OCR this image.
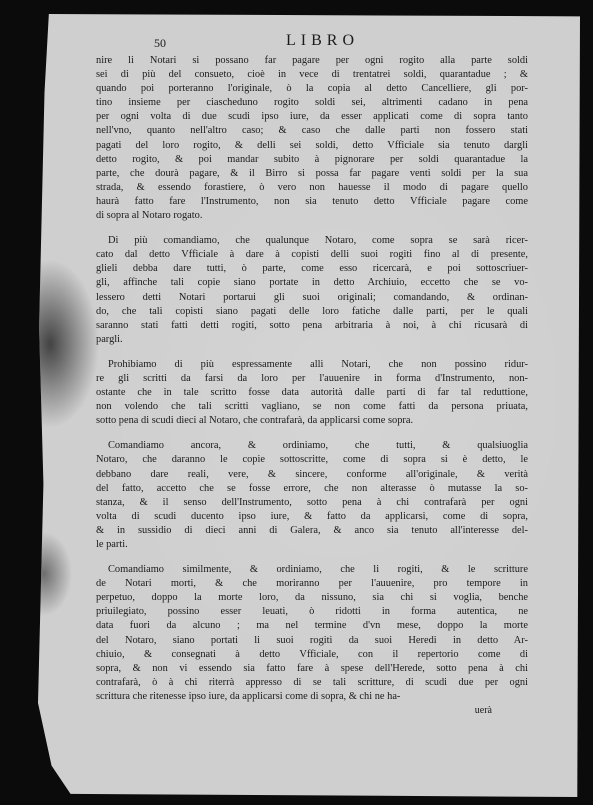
50	LIBRO
nire li Notari si possano far pagare per ogni rogito alla parte soldi
sei di più del consueto, cioè in vece di trentatrei soldi, quarantadue ; &
quando poi porteranno l'originale, ò la copia al detto Cancelliere, gli por-
tino insieme per ciascheduno rogito soldi sei, altrimenti cadano in pena
per ogni volta di due scudi ipso iure, da esser applicati come di sopra tanto
nell'vno, quanto nell'altro caso; & caso che dalle parti non fossero stati
pagati del loro rogito, & delli sei soldi, detto Vfficiale sia tenuto dargli
detto rogito, & poi mandar subito à pignorare per soldi quarantadue la
parte, che dourà pagare, & il Birro si possa far pagare venti soldi per la sua
strada, & essendo forastiere, ò vero non hauesse il modo di pagare quello
haurà fatto fare l'Instrumento, non sia tenuto detto Vfficiale pagare come
di sopra al Notaro rogato.
Di più comandiamo, che qualunque Notaro, come sopra se sarà ricer-
cato dal detto Vfficiale à dare à copisti delli suoi rogiti fino al di presente,
glieli debba dare tutti, ò parte, come esso ricercarà, e poi sottoscriuer-
gli, affinche tali copie siano portate in detto Archiuio, eccetto che se vo-
lessero detti Notari portarui gli suoi originali; comandando, & ordinan-
do, che tali copisti siano pagati delle loro fatiche dalle parti, per le quali
saranno stati fatti detti rogiti, sotto pena arbitraria à noi, à chi ricusarà di
pargli.
Prohibiamo di più espressamente alli Notari, che non possino ridur-
re gli scritti da farsi da loro per l'auuenire in forma d'Instrumento, non-
ostante che in tale scritto fosse data autorità dalle parti di far tal reduttione,
non volendo che tali scritti vagliano, se non come fatti da persona priuata,
sotto pena di scudi dieci al Notaro, che contrafarà, da applicarsi come sopra.
Comandiamo ancora, & ordiniamo, che tutti, & qualsiuoglia
Notaro, che daranno le copie sottoscritte, come di sopra si è detto, le
debbano dare reali, vere, & sincere, conforme all'originale, & verità
del fatto, accetto che se fosse errore, che non alterasse ò mutasse la so-
stanza, & il senso dell'Instrumento, sotto pena à chi contrafarà per ogni
volta di scudi ducento ipso iure, & fatto da applicarsi, come di sopra,
& in sussidio di dieci anni di Galera, & anco sia tenuto all'interesse del-
le parti.
Comandiamo similmente, & ordiniamo, che li rogiti, & le scritture
de Notari morti, & che moriranno per l'auuenire, pro tempore in
perpetuo, doppo la morte loro, da nissuno, sia chi si voglia, benche
priuilegiato, possino esser leuati, ò ridotti in forma autentica, ne
data fuori da alcuno ; ma nel termine d'vn mese, doppo la morte
del Notaro, siano portati li suoi rogiti da suoi Heredi in detto Ar-
chiuio, & consegnati à detto Vfficiale, con il repertorio come di
sopra, & non vi essendo sia fatto fare à spese dell'Herede, sotto pena à chi
contrafarà, ò à chi riterrà appresso di se tali scritture, di scudi due per ogni
scrittura che ritenesse ipso iure, da applicarsi come di sopra, & chi ne ha-
uerà
